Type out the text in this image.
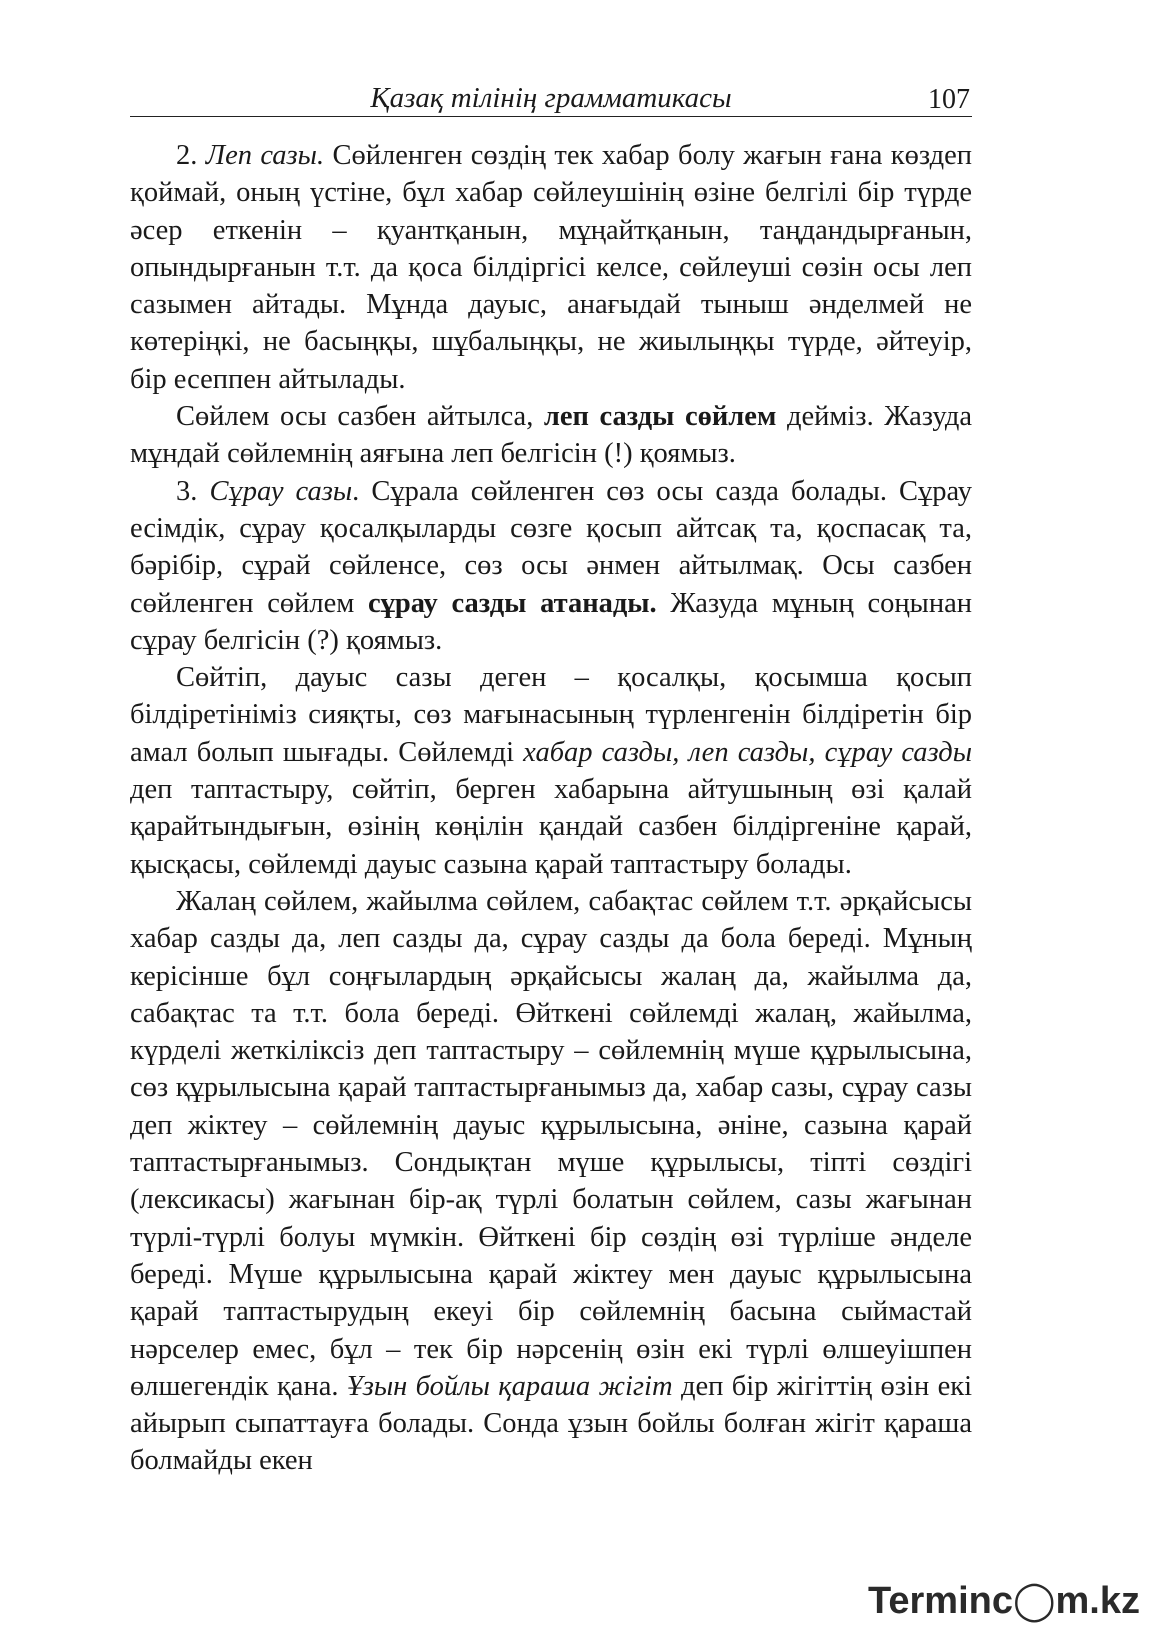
Қазақ тілінің грамматикасы	107

2. Леп сазы. Сөйленген сөздің тек хабар болу жағын ғана көздеп қоймай, оның үстіне, бұл хабар сөйлеушінің өзіне белгілі бір түрде әсер еткенін – қуантқанын, мұңайтқанын, таңдандырғанын, опындырғанын т.т. да қоса білдіргісі келсе, сөйлеуші сөзін осы леп сазымен айтады. Мұнда дауыс, анағыдай тыныш әнделмей не көтеріңкі, не басыңқы, шұбалыңқы, не жиылыңқы түрде, әйтеуір, бір есеппен айтылады.

Сөйлем осы сазбен айтылса, леп сазды сөйлем дейміз. Жазуда мұндай сөйлемнің аяғына леп белгісін (!) қоямыз.

3. Сұрау сазы. Сұрала сөйленген сөз осы сазда болады. Сұрау есімдік, сұрау қосалқыларды сөзге қосып айтсақ та, қоспасақ та, бәрібір, сұрай сөйленсе, сөз осы әнмен айтылмақ. Осы сазбен сөйленген сөйлем сұрау сазды атанады. Жазуда мұның соңынан сұрау белгісін (?) қоямыз.

Сөйтіп, дауыс сазы деген – қосалқы, қосымша қосып білдіретініміз сияқты, сөз мағынасының түрленгенін білдіретін бір амал болып шығады. Сөйлемді хабар сазды, леп сазды, сұрау сазды деп таптастыру, сөйтіп, берген хабарына айтушының өзі қалай қарайтындығын, өзінің көңілін қандай сазбен білдіргеніне қарай, қысқасы, сөйлемді дауыс сазына қарай таптастыру болады.

Жалаң сөйлем, жайылма сөйлем, сабақтас сөйлем т.т. әрқайсысы хабар сазды да, леп сазды да, сұрау сазды да бола береді. Мұның керісінше бұл соңғылардың әрқайсысы жалаң да, жайылма да, сабақтас та т.т. бола береді. Өйткені сөйлемді жалаң, жайылма, күрделі жеткіліксіз деп таптастыру – сөйлемнің мүше құрылысына, сөз құрылысына қарай таптастырғанымыз да, хабар сазы, сұрау сазы деп жіктеу – сөйлемнің дауыс құрылысына, әніне, сазына қарай таптастырғанымыз. Сондықтан мүше құрылысы, тіпті сөздігі (лексикасы) жағынан бір-ақ түрлі болатын сөйлем, сазы жағынан түрлі-түрлі болуы мүмкін. Өйткені бір сөздің өзі түрліше әнделе береді. Мүше құрылысына қарай жіктеу мен дауыс құрылысына қарай таптастырудың екеуі бір сөйлемнің басына сыймастай нәрселер емес, бұл – тек бір нәрсенің өзін екі түрлі өлшеуішпен өлшегендік қана. Ұзын бойлы қараша жігіт деп бір жігіттің өзін екі айырып сыпаттауға болады. Сонда ұзын бойлы болған жігіт қараша болмайды екен

Terminc◯m.kz
